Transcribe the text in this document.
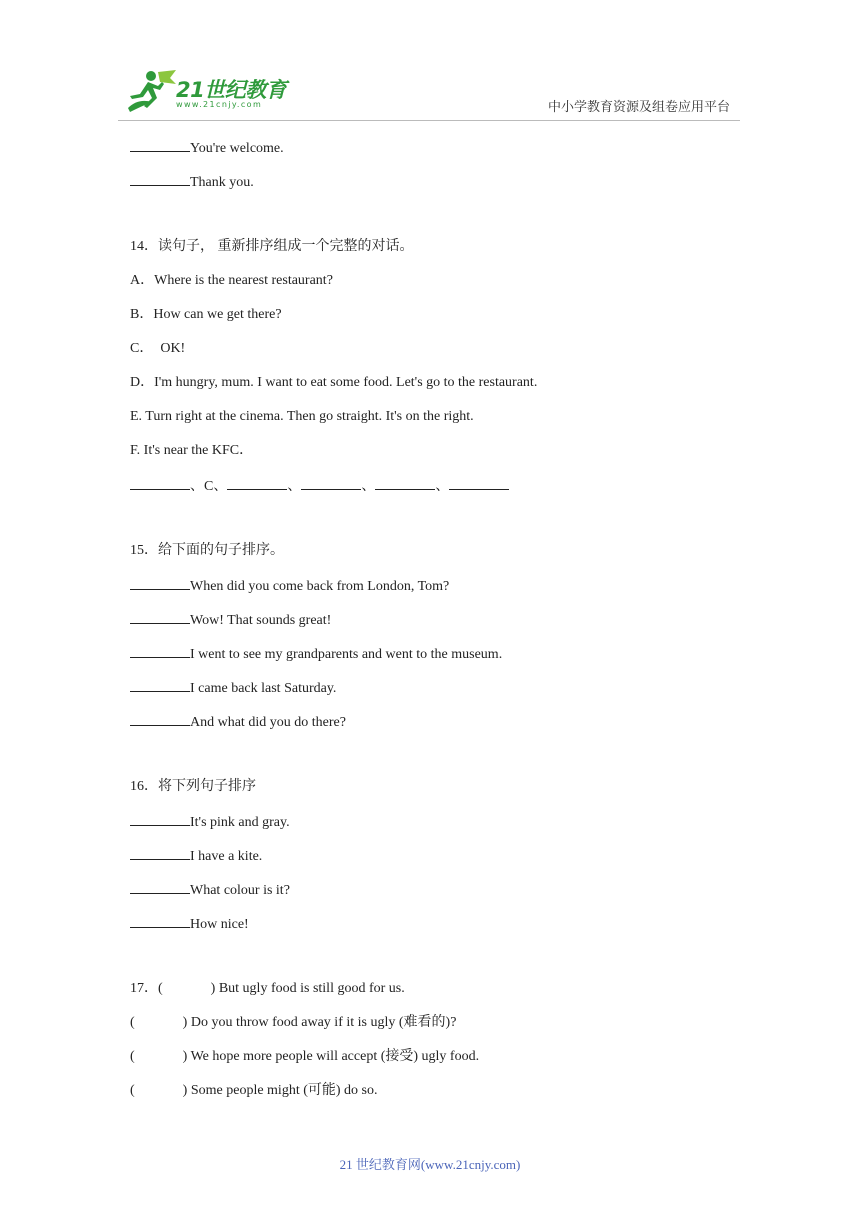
21世纪教育
www.21cnjy.com	中小学教育资源及组卷应用平台
You're welcome.
Thank you.
14．读句子， 重新排序组成一个完整的对话。
A．Where is the nearest restaurant?
B．How can we get there?
C．  OK!
D．I'm hungry, mum. I want to eat some food. Let's go to the restaurant.
E. Turn right at the cinema. Then go straight. It's on the right.
F. It's near the KFC．
、C、	、	、	、
15．给下面的句子排序。
When did you come back from London, Tom?
Wow! That sounds great!
I went to see my grandparents and went to the museum.
I came back last Saturday.
And what did you do there?
16．将下列句子排序
It's pink and gray.
I have a kite.
What colour is it?
How nice!
17．(	) But ugly food is still good for us.
(	) Do you throw food away if it is ugly (难看的)?
(	) We hope more people will accept (接受) ugly food.
(	) Some people might (可能) do so.
21 世纪教育网(www.21cnjy.com)
